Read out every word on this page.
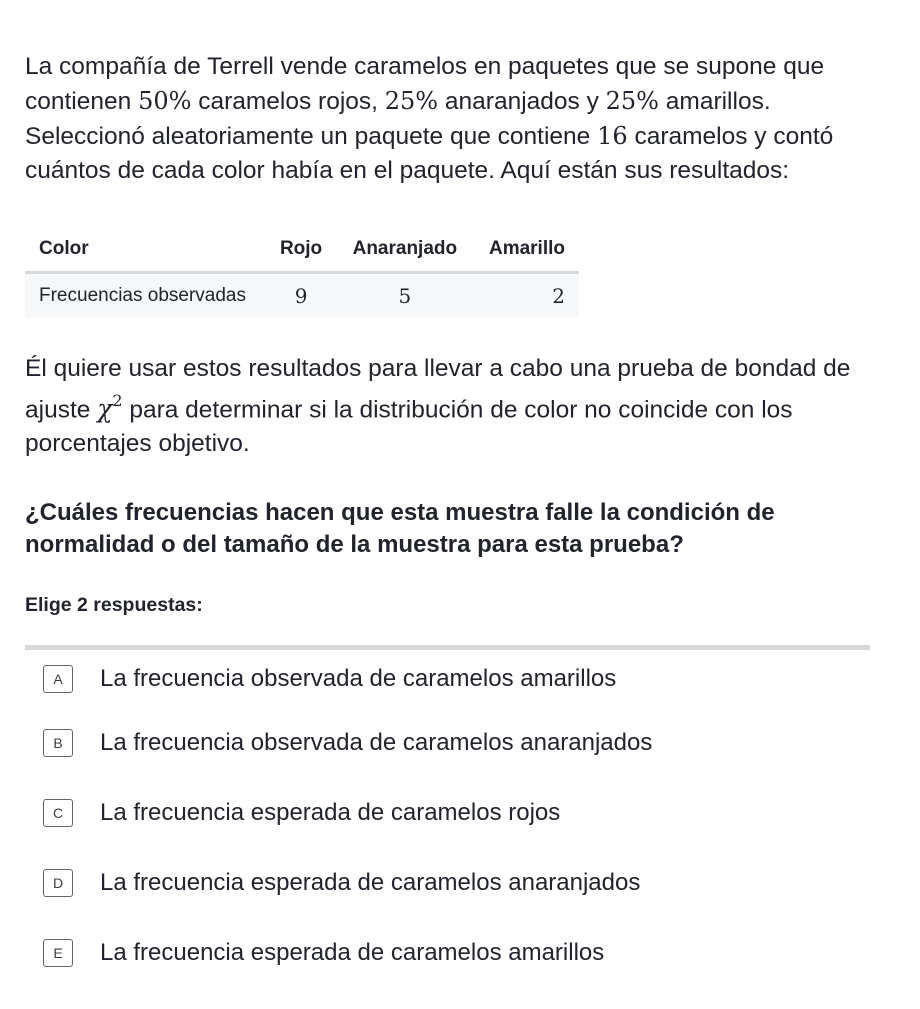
La compañía de Terrell vende caramelos en paquetes que se supone que contienen 50% caramelos rojos, 25% anaranjados y 25% amarillos. Seleccionó aleatoriamente un paquete que contiene 16 caramelos y contó cuántos de cada color había en el paquete. Aquí están sus resultados:

Color	Rojo	Anaranjado	Amarillo
Frecuencias observadas	9	5	2

Él quiere usar estos resultados para llevar a cabo una prueba de bondad de ajuste $\chi^2$ para determinar si la distribución de color no coincide con los porcentajes objetivo.

¿Cuáles frecuencias hacen que esta muestra falle la condición de normalidad o del tamaño de la muestra para esta prueba?

Elige 2 respuestas:
A	La frecuencia observada de caramelos amarillos
B	La frecuencia observada de caramelos anaranjados
C	La frecuencia esperada de caramelos rojos
D	La frecuencia esperada de caramelos anaranjados
E	La frecuencia esperada de caramelos amarillos
